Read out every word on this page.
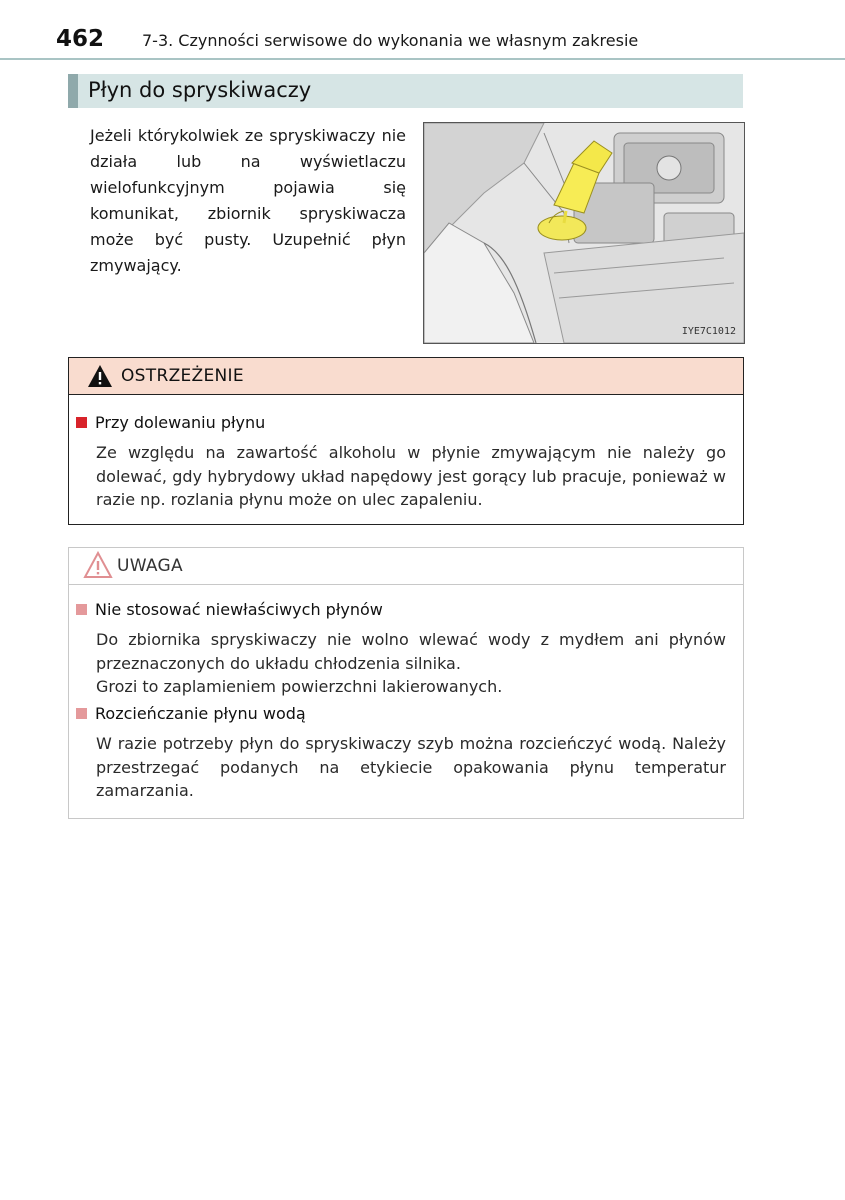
462 7-3. Czynności serwisowe do wykonania we własnym zakresie
Płyn do spryskiwaczy
Jeżeli którykolwiek ze spryskiwaczy nie działa lub na wyświetlaczu wielofunkcyjnym pojawia się komunikat, zbiornik spryskiwacza może być pusty. Uzupełnić płyn zmywający.
IYE7C1012
OSTRZEŻENIE
Przy dolewaniu płynu
Ze względu na zawartość alkoholu w płynie zmywającym nie należy go dolewać, gdy hybrydowy układ napędowy jest gorący lub pracuje, ponieważ w razie np. rozlania płynu może on ulec zapaleniu.
UWAGA
Nie stosować niewłaściwych płynów
Do zbiornika spryskiwaczy nie wolno wlewać wody z mydłem ani płynów przeznaczonych do układu chłodzenia silnika.
Grozi to zaplamieniem powierzchni lakierowanych.
Rozcieńczanie płynu wodą
W razie potrzeby płyn do spryskiwaczy szyb można rozcieńczyć wodą. Należy przestrzegać podanych na etykiecie opakowania płynu temperatur zamarzania.
